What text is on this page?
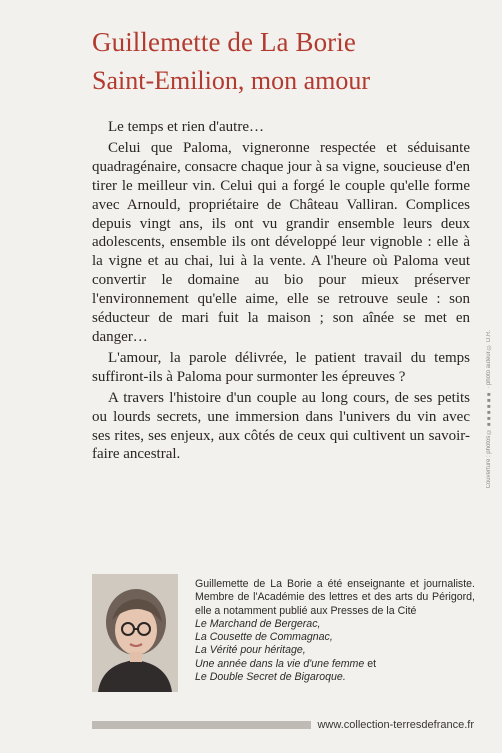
Guillemette de La Borie
Saint-Emilion, mon amour

Le temps et rien d'autre…

Celui que Paloma, vigneronne respectée et séduisante quadragénaire, consacre chaque jour à sa vigne, soucieuse d'en tirer le meilleur vin. Celui qui a forgé le couple qu'elle forme avec Arnould, propriétaire de Château Valliran. Complices depuis vingt ans, ils ont vu grandir ensemble leurs deux adolescents, ensemble ils ont développé leur vignoble : elle à la vigne et au chai, lui à la vente. A l'heure où Paloma veut convertir le domaine au bio pour mieux préserver l'environnement qu'elle aime, elle se retrouve seule : son séducteur de mari fuit la maison ; son aînée se met en danger…

L'amour, la parole délivrée, le patient travail du temps suffiront-ils à Paloma pour surmonter les épreuves ?

A travers l'histoire d'un couple au long cours, de ses petits ou lourds secrets, une immersion dans l'univers du vin avec ses rites, ses enjeux, aux côtés de ceux qui cultivent un savoir-faire ancestral.

Guillemette de La Borie a été enseignante et journaliste. Membre de l'Académie des lettres et des arts du Périgord, elle a notamment publié aux Presses de la Cité
Le Marchand de Bergerac,
La Cousette de Commagnac,
La Vérité pour héritage,
Une année dans la vie d'une femme et
Le Double Secret de Bigaroque.
Couverture : photos © ■■■■■■ · photo auteur © D.R.
www.collection-terresdefrance.fr
